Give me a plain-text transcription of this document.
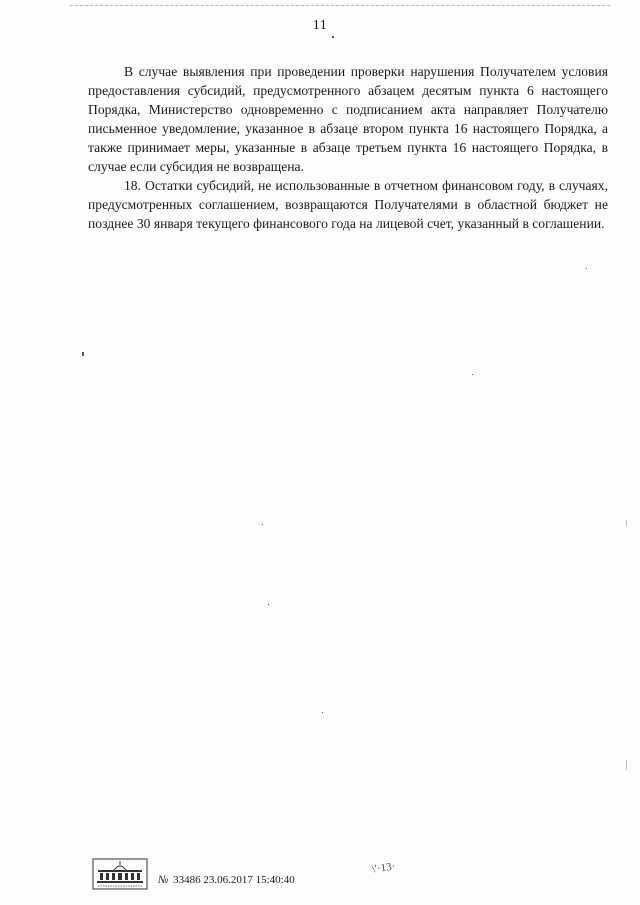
11

В случае выявления при проведении проверки нарушения Получателем условия предоставления субсидий, предусмотренного абзацем десятым пункта 6 настоящего Порядка, Министерство одновременно с подписанием акта направляет Получателю письменное уведомление, указанное в абзаце втором пункта 16 настоящего Порядка, а также принимает меры, указанные в абзаце третьем пункта 16 настоящего Порядка, в случае если субсидия не возвращена.

18. Остатки субсидий, не использованные в отчетном финансовом году, в случаях, предусмотренных соглашением, возвращаются Получателями в областной бюджет не позднее 30 января текущего финансового года на лицевой счет, указанный в соглашении.

№ 33486 23.06.2017 15:40:40
\'·13·
